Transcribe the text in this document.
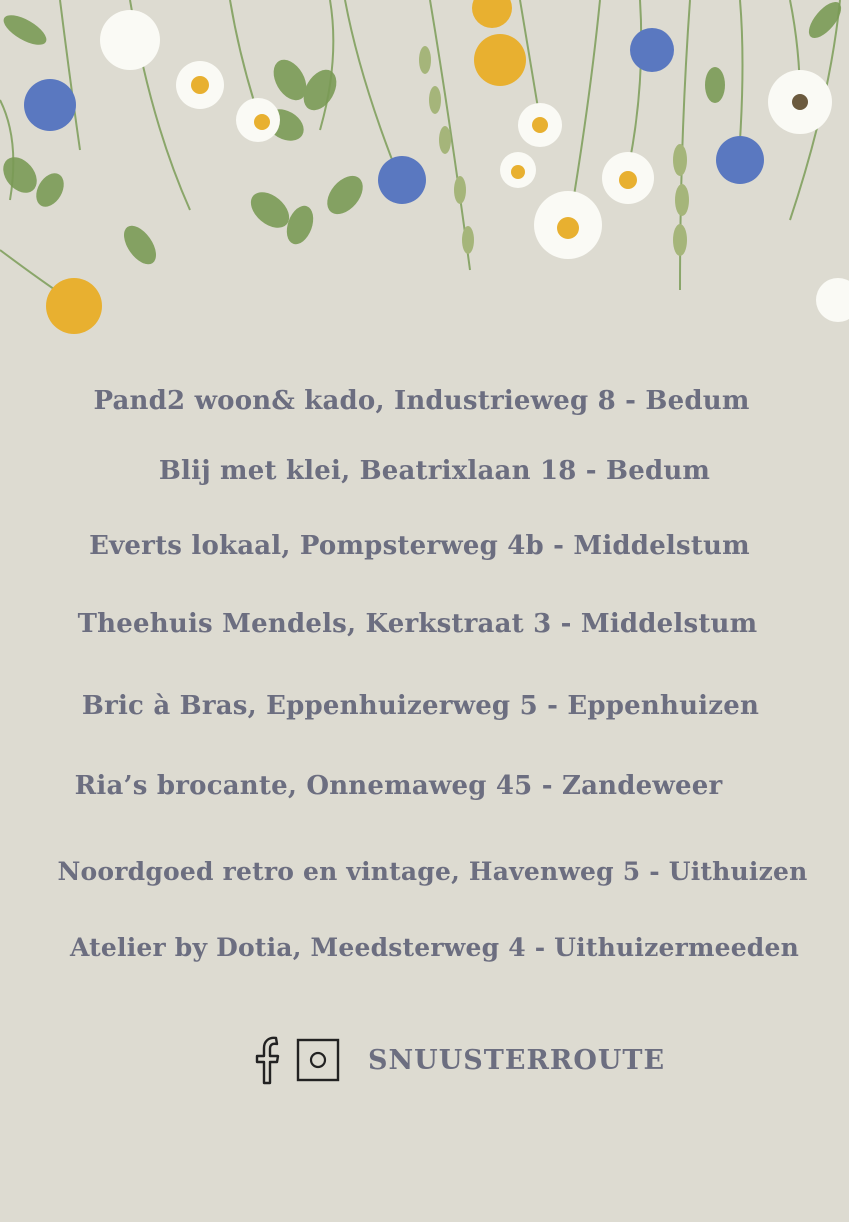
Pand2 woon& kado, Industrieweg 8 - Bedum
Blij met klei, Beatrixlaan 18 - Bedum
Everts lokaal, Pompsterweg 4b - Middelstum
Theehuis Mendels, Kerkstraat 3 - Middelstum
Bric à Bras, Eppenhuizerweg 5 - Eppenhuizen
Ria’s brocante, Onnemaweg 45 - Zandeweer
Noordgoed retro en vintage, Havenweg 5 - Uithuizen
Atelier by Dotia, Meedsterweg 4 - Uithuizermeeden
SNUUSTERROUTE
